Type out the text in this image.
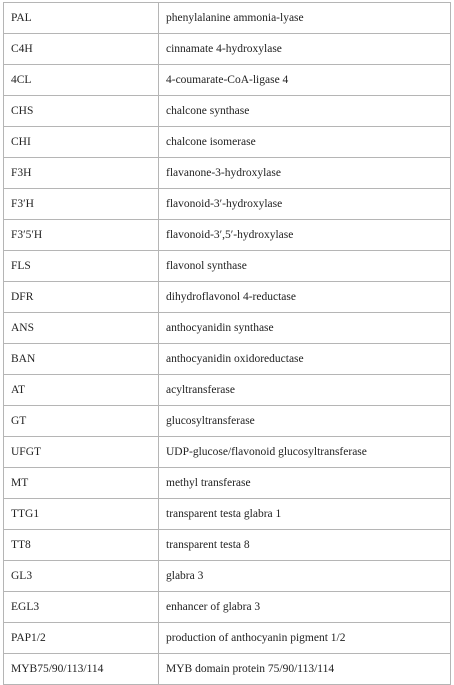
PAL	phenylalanine ammonia-lyase
C4H	cinnamate 4-hydroxylase
4CL	4-coumarate-CoA-ligase 4
CHS	chalcone synthase
CHI	chalcone isomerase
F3H	flavanone-3-hydroxylase
F3′H	flavonoid-3′-hydroxylase
F3′5′H	flavonoid-3′,5′-hydroxylase
FLS	flavonol synthase
DFR	dihydroflavonol 4-reductase
ANS	anthocyanidin synthase
BAN	anthocyanidin oxidoreductase
AT	acyltransferase
GT	glucosyltransferase
UFGT	UDP-glucose/flavonoid glucosyltransferase
MT	methyl transferase
TTG1	transparent testa glabra 1
TT8	transparent testa 8
GL3	glabra 3
EGL3	enhancer of glabra 3
PAP1/2	production of anthocyanin pigment 1/2
MYB75/90/113/114	MYB domain protein 75/90/113/114
